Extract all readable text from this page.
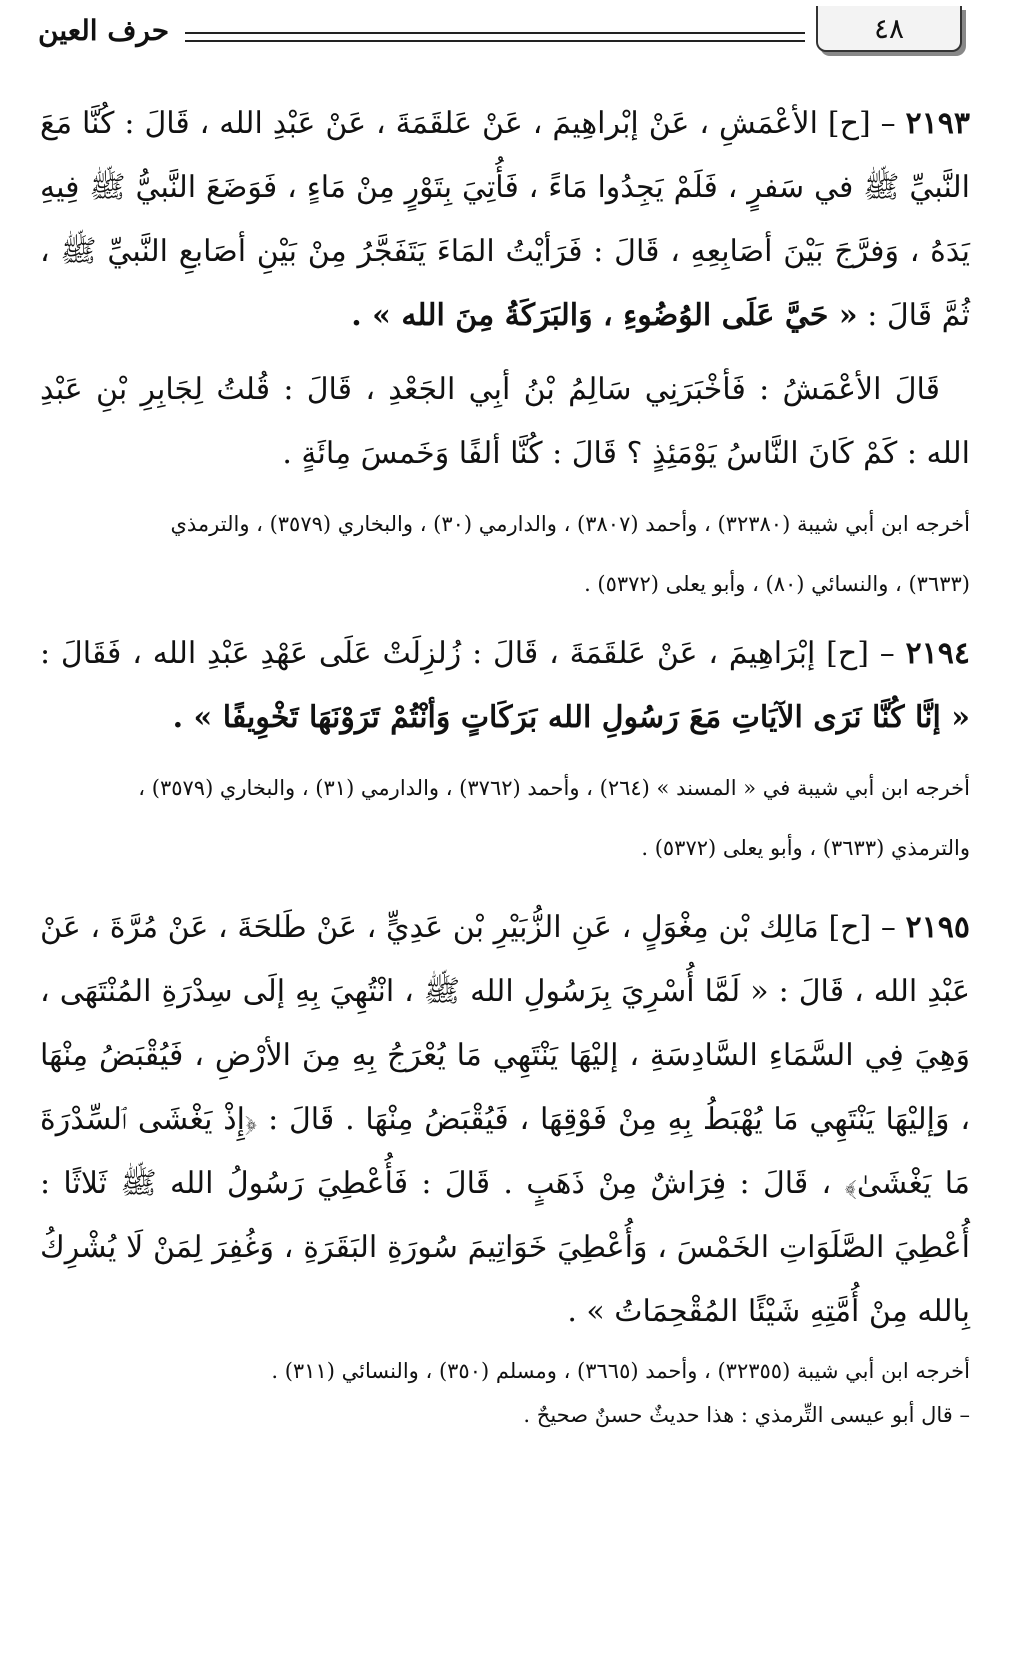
٤٨
حرف العين

٢١٩٣ – [ح] الأعْمَشِ ، عَنْ إبْراهِيمَ ، عَنْ عَلقَمَةَ ، عَنْ عَبْدِ الله ، قَالَ : كُنَّا مَعَ النَّبيِّ ﷺ في سَفرٍ ، فَلَمْ يَجِدُوا مَاءً ، فَأُتِيَ بِتَوْرٍ مِنْ مَاءٍ ، فَوَضَعَ النَّبيُّ ﷺ فِيهِ يَدَهُ ، وَفرَّجَ بَيْنَ أصَابِعِهِ ، قَالَ : فَرَأيْتُ المَاءَ يَتَفَجَّرُ مِنْ بَيْنِ أصَابعِ النَّبيِّ ﷺ ، ثُمَّ قَالَ : « حَيَّ عَلَى الوُضُوءِ ، وَالبَرَكَةُ مِنَ الله » .

قَالَ الأعْمَشُ : فَأخْبَرَنِي سَالِمُ بْنُ أبِي الجَعْدِ ، قَالَ : قُلتُ لِجَابِرِ بْنِ عَبْدِ الله : كَمْ كَانَ النَّاسُ يَوْمَئِذٍ ؟ قَالَ : كُنَّا ألفًا وَخَمسَ مِائَةٍ .

أخرجه ابن أبي شيبة (٣٢٣٨٠) ، وأحمد (٣٨٠٧) ، والدارمي (٣٠) ، والبخاري (٣٥٧٩) ، والترمذي

(٣٦٣٣) ، والنسائي (٨٠) ، وأبو يعلى (٥٣٧٢) .

٢١٩٤ – [ح] إبْرَاهِيمَ ، عَنْ عَلقَمَةَ ، قَالَ : زُلزِلَتْ عَلَى عَهْدِ عَبْدِ الله ، فَقَالَ : « إنَّا كُنَّا نَرَى الآيَاتِ مَعَ رَسُولِ الله بَرَكَاتٍ وَأنْتُمْ تَرَوْنَهَا تَخْوِيفًا » .

أخرجه ابن أبي شيبة في « المسند » (٢٦٤) ، وأحمد (٣٧٦٢) ، والدارمي (٣١) ، والبخاري (٣٥٧٩) ،

والترمذي (٣٦٣٣) ، وأبو يعلى (٥٣٧٢) .

٢١٩٥ – [ح] مَالِك بْن مِغْوَلٍ ، عَنِ الزُّبَيْرِ بْن عَدِيٍّ ، عَنْ طَلحَةَ ، عَنْ مُرَّةَ ، عَنْ عَبْدِ الله ، قَالَ : « لَمَّا أُسْرِيَ بِرَسُولِ الله ﷺ ، انْتُهِيَ بِهِ إلَى سِدْرَةِ المُنْتَهَى ، وَهِيَ فِي السَّمَاءِ السَّادِسَةِ ، إليْهَا يَنْتَهِي مَا يُعْرَجُ بِهِ مِنَ الأرْضِ ، فَيُقْبَضُ مِنْهَا ، وَإليْهَا يَنْتَهِي مَا يُهْبَطُ بِهِ مِنْ فَوْقِهَا ، فَيُقْبَضُ مِنْهَا . قَالَ : ﴿إِذْ يَغْشَى ٱلسِّدْرَةَ مَا يَغْشَىٰ﴾ ، قَالَ : فِرَاشٌ مِنْ ذَهَبٍ . قَالَ : فَأُعْطِيَ رَسُولُ الله ﷺ ثَلاثًا : أُعْطِيَ الصَّلَوَاتِ الخَمْسَ ، وَأُعْطِيَ خَوَاتِيمَ سُورَةِ البَقَرَةِ ، وَغُفِرَ لِمَنْ لَا يُشْرِكُ بِالله مِنْ أُمَّتِهِ شَيْئًا المُقْحِمَاتُ » .

أخرجه ابن أبي شيبة (٣٢٣٥٥) ، وأحمد (٣٦٦٥) ، ومسلم (٣٥٠) ، والنسائي (٣١١) .

– قال أبو عيسى التِّرمذي : هذا حديثٌ حسنٌ صحيحٌ .
